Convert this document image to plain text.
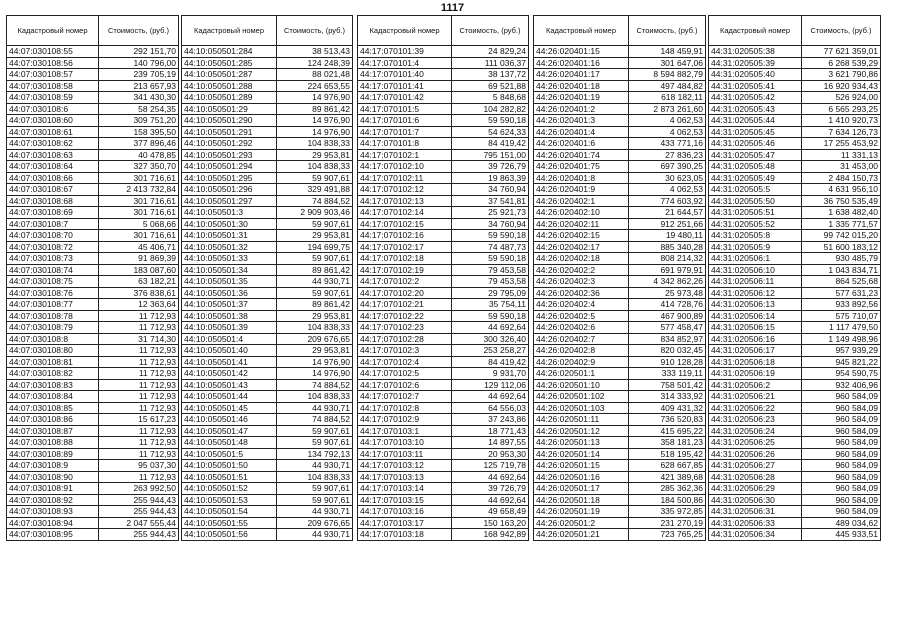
1117
Кадастровый номер	Стоимость, (руб.)
44:07:030108:55	292 151,70
44:07:030108:56	140 796,00
44:07:030108:57	239 705,19
44:07:030108:58	213 657,93
44:07:030108:59	341 430,30
44:07:030108:6	58 254,35
44:07:030108:60	309 751,20
44:07:030108:61	158 395,50
44:07:030108:62	377 896,46
44:07:030108:63	40 478,85
44:07:030108:64	327 350,70
44:07:030108:66	301 716,61
44:07:030108:67	2 413 732,84
44:07:030108:68	301 716,61
44:07:030108:69	301 716,61
44:07:030108:7	5 068,66
44:07:030108:70	301 716,61
44:07:030108:72	45 406,71
44:07:030108:73	91 869,39
44:07:030108:74	183 087,60
44:07:030108:75	63 182,21
44:07:030108:76	376 838,61
44:07:030108:77	12 363,64
44:07:030108:78	11 712,93
44:07:030108:79	11 712,93
44:07:030108:8	31 714,30
44:07:030108:80	11 712,93
44:07:030108:81	11 712,93
44:07:030108:82	11 712,93
44:07:030108:83	11 712,93
44:07:030108:84	11 712,93
44:07:030108:85	11 712,93
44:07:030108:86	15 617,23
44:07:030108:87	11 712,93
44:07:030108:88	11 712,93
44:07:030108:89	11 712,93
44:07:030108:9	95 037,30
44:07:030108:90	11 712,93
44:07:030108:91	263 992,50
44:07:030108:92	255 944,43
44:07:030108:93	255 944,43
44:07:030108:94	2 047 555,44
44:07:030108:95	255 944,43
Кадастровый номер	Стоимость, (руб.)
44:10:050501:284	38 513,43
44:10:050501:285	124 248,39
44:10:050501:287	88 021,48
44:10:050501:288	224 653,55
44:10:050501:289	14 976,90
44:10:050501:29	89 861,42
44:10:050501:290	14 976,90
44:10:050501:291	14 976,90
44:10:050501:292	104 838,33
44:10:050501:293	29 953,81
44:10:050501:294	104 838,33
44:10:050501:295	59 907,61
44:10:050501:296	329 491,88
44:10:050501:297	74 884,52
44:10:050501:3	2 909 903,46
44:10:050501:30	59 907,61
44:10:050501:31	29 953,81
44:10:050501:32	194 699,75
44:10:050501:33	59 907,61
44:10:050501:34	89 861,42
44:10:050501:35	44 930,71
44:10:050501:36	59 907,61
44:10:050501:37	89 861,42
44:10:050501:38	29 953,81
44:10:050501:39	104 838,33
44:10:050501:4	209 676,65
44:10:050501:40	29 953,81
44:10:050501:41	14 976,90
44:10:050501:42	14 976,90
44:10:050501:43	74 884,52
44:10:050501:44	104 838,33
44:10:050501:45	44 930,71
44:10:050501:46	74 884,52
44:10:050501:47	59 907,61
44:10:050501:48	59 907,61
44:10:050501:5	134 792,13
44:10:050501:50	44 930,71
44:10:050501:51	104 838,33
44:10:050501:52	59 907,61
44:10:050501:53	59 907,61
44:10:050501:54	44 930,71
44:10:050501:55	209 676,65
44:10:050501:56	44 930,71
Кадастровый номер	Стоимость, (руб.)
44:17:070101:39	24 829,24
44:17:070101:4	111 036,37
44:17:070101:40	38 137,72
44:17:070101:41	69 521,88
44:17:070101:42	5 848,68
44:17:070101:5	104 282,82
44:17:070101:6	59 590,18
44:17:070101:7	54 624,33
44:17:070101:8	84 419,42
44:17:070102:1	795 151,00
44:17:070102:10	39 726,79
44:17:070102:11	19 863,39
44:17:070102:12	34 760,94
44:17:070102:13	37 541,81
44:17:070102:14	25 921,73
44:17:070102:15	34 760,94
44:17:070102:16	59 590,18
44:17:070102:17	74 487,73
44:17:070102:18	59 590,18
44:17:070102:19	79 453,58
44:17:070102:2	79 453,58
44:17:070102:20	29 795,09
44:17:070102:21	35 754,11
44:17:070102:22	59 590,18
44:17:070102:23	44 692,64
44:17:070102:28	300 326,40
44:17:070102:3	253 258,27
44:17:070102:4	84 419,42
44:17:070102:5	9 931,70
44:17:070102:6	129 112,06
44:17:070102:7	44 692,64
44:17:070102:8	64 556,03
44:17:070102:9	37 243,86
44:17:070103:1	18 771,43
44:17:070103:10	14 897,55
44:17:070103:11	20 953,30
44:17:070103:12	125 719,78
44:17:070103:13	44 692,64
44:17:070103:14	39 726,79
44:17:070103:15	44 692,64
44:17:070103:16	49 658,49
44:17:070103:17	150 163,20
44:17:070103:18	168 942,89
Кадастровый номер	Стоимость, (руб.)
44:26:020401:15	148 459,91
44:26:020401:16	301 647,06
44:26:020401:17	8 594 882,79
44:26:020401:18	497 484,82
44:26:020401:19	618 182,11
44:26:020401:2	2 873 261,60
44:26:020401:3	4 062,53
44:26:020401:4	4 062,53
44:26:020401:6	433 771,16
44:26:020401:74	27 836,23
44:26:020401:75	697 390,25
44:26:020401:8	30 623,05
44:26:020401:9	4 062,53
44:26:020402:1	774 603,92
44:26:020402:10	21 644,57
44:26:020402:11	912 251,66
44:26:020402:15	19 480,11
44:26:020402:17	885 340,28
44:26:020402:18	808 214,32
44:26:020402:2	691 979,91
44:26:020402:3	4 342 862,26
44:26:020402:36	25 973,48
44:26:020402:4	414 728,76
44:26:020402:5	467 900,89
44:26:020402:6	577 458,47
44:26:020402:7	834 852,97
44:26:020402:8	820 032,45
44:26:020402:9	910 128,28
44:26:020501:1	333 119,11
44:26:020501:10	758 501,42
44:26:020501:102	314 333,92
44:26:020501:103	409 431,32
44:26:020501:11	736 520,83
44:26:020501:12	415 695,22
44:26:020501:13	358 181,23
44:26:020501:14	518 195,42
44:26:020501:15	628 667,85
44:26:020501:16	421 389,68
44:26:020501:17	285 362,36
44:26:020501:18	184 500,86
44:26:020501:19	335 972,85
44:26:020501:2	231 270,19
44:26:020501:21	723 765,25
Кадастровый номер	Стоимость, (руб.)
44:31:020505:38	77 621 359,01
44:31:020505:39	6 268 539,29
44:31:020505:40	3 621 790,86
44:31:020505:41	16 920 934,43
44:31:020505:42	526 924,00
44:31:020505:43	6 565 293,25
44:31:020505:44	1 410 920,73
44:31:020505:45	7 634 126,73
44:31:020505:46	17 255 453,92
44:31:020505:47	11 331,13
44:31:020505:48	31 453,00
44:31:020505:49	2 484 150,73
44:31:020505:5	4 631 956,10
44:31:020505:50	36 750 535,49
44:31:020505:51	1 638 482,40
44:31:020505:52	1 335 771,57
44:31:020505:8	99 742 015,20
44:31:020505:9	51 600 183,12
44:31:020506:1	930 485,79
44:31:020506:10	1 043 834,71
44:31:020506:11	864 525,68
44:31:020506:12	577 631,23
44:31:020506:13	933 892,56
44:31:020506:14	575 710,07
44:31:020506:15	1 117 479,50
44:31:020506:16	1 149 498,96
44:31:020506:17	957 939,29
44:31:020506:18	945 821,22
44:31:020506:19	954 590,75
44:31:020506:2	932 406,96
44:31:020506:21	960 584,09
44:31:020506:22	960 584,09
44:31:020506:23	960 584,09
44:31:020506:24	960 584,09
44:31:020506:25	960 584,09
44:31:020506:26	960 584,09
44:31:020506:27	960 584,09
44:31:020506:28	960 584,09
44:31:020506:29	960 584,09
44:31:020506:30	960 584,09
44:31:020506:31	960 584,09
44:31:020506:33	489 034,62
44:31:020506:34	445 933,51
